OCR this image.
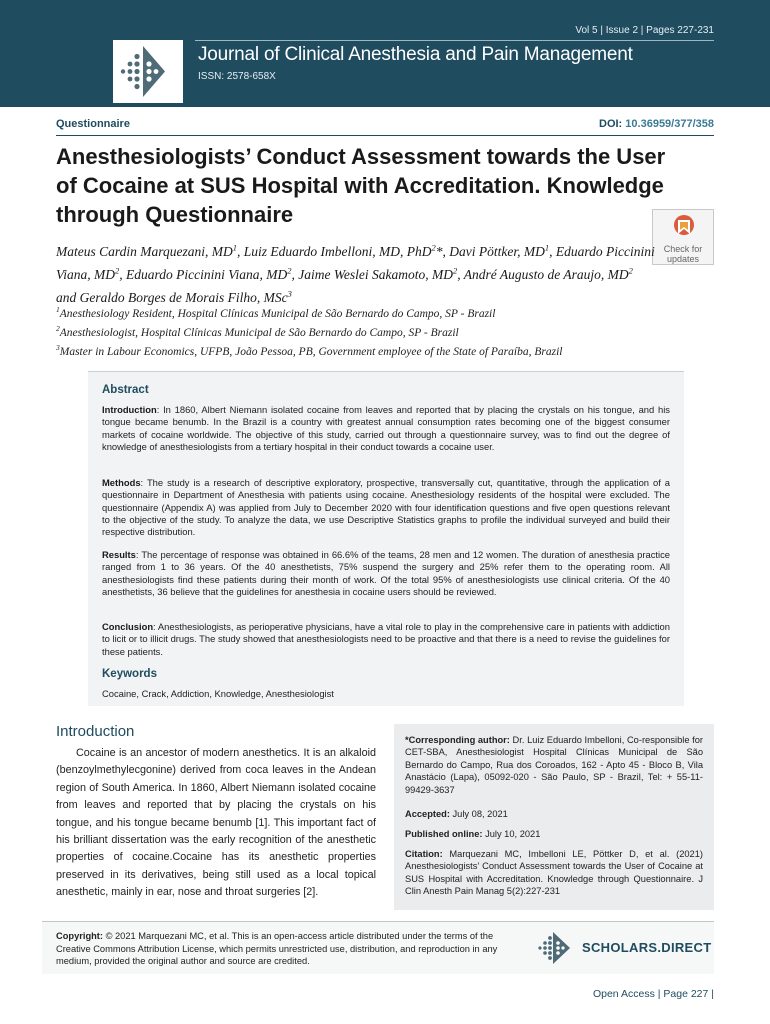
Vol 5 | Issue 2 | Pages 227-231
Journal of Clinical Anesthesia and Pain Management
ISSN: 2578-658X
Questionnaire	DOI: 10.36959/377/358
Anesthesiologists’ Conduct Assessment towards the User of Cocaine at SUS Hospital with Accreditation. Knowledge through Questionnaire
Check for updates
Mateus Cardin Marquezani, $MD^1$, Luiz Eduardo Imbelloni, MD, PhD$^2$*, Davi Pöttker, $MD^1$, Eduardo Piccinini Viana, $MD^2$, Eduardo Piccinini Viana, $MD^2$, Jaime Weslei Sakamoto, $MD^2$, André Augusto de Araujo, $MD^2$ and Geraldo Borges de Morais Filho, MSc$^3$
$^1$Anesthesiology Resident, Hospital Clínicas Municipal de São Bernardo do Campo, SP - Brazil
$^2$Anesthesiologist, Hospital Clínicas Municipal de São Bernardo do Campo, SP - Brazil
$^3$Master in Labour Economics, UFPB, João Pessoa, PB, Government employee of the State of Paraíba, Brazil
Abstract
Introduction: In 1860, Albert Niemann isolated cocaine from leaves and reported that by placing the crystals on his tongue, and his tongue became benumb. In the Brazil is a country with greatest annual consumption rates becoming one of the biggest consumer markets of cocaine worldwide. The objective of this study, carried out through a questionnaire survey, was to find out the degree of knowledge of anesthesiologists from a tertiary hospital in their conduct towards a cocaine user.
Methods: The study is a research of descriptive exploratory, prospective, transversally cut, quantitative, through the application of a questionnaire in Department of Anesthesia with patients using cocaine. Anesthesiology residents of the hospital were excluded. The questionnaire (Appendix A) was applied from July to December 2020 with four identification questions and five open questions relevant to the objective of the study. To analyze the data, we use Descriptive Statistics graphs to profile the individual surveyed and build their respective distribution.
Results: The percentage of response was obtained in 66.6% of the teams, 28 men and 12 women. The duration of anesthesia practice ranged from 1 to 36 years. Of the 40 anesthetists, 75% suspend the surgery and 25% refer them to the operating room. All anesthesiologists find these patients during their month of work. Of the total 95% of anesthesiologists use clinical criteria. Of the 40 anesthetists, 36 believe that the guidelines for anesthesia in cocaine users should be reviewed.
Conclusion: Anesthesiologists, as perioperative physicians, have a vital role to play in the comprehensive care in patients with addiction to licit or to illicit drugs. The study showed that anesthesiologists need to be proactive and that there is a need to revise the guidelines for these patients.
Keywords
Cocaine, Crack, Addiction, Knowledge, Anesthesiologist
Introduction
Cocaine is an ancestor of modern anesthetics. It is an alkaloid (benzoylmethylecgonine) derived from coca leaves in the Andean region of South America. In 1860, Albert Niemann isolated cocaine from leaves and reported that by placing the crystals on his tongue, and his tongue became benumb [1]. This important fact of his brilliant dissertation was the early recognition of the anesthetic properties of cocaine.Cocaine has its anesthetic properties preserved in its derivatives, being still used as a local topical anesthetic, mainly in ear, nose and throat surgeries [2].
*Corresponding author: Dr. Luiz Eduardo Imbelloni, Co-responsible for CET-SBA, Anesthesiologist Hospital Clínicas Municipal de São Bernardo do Campo, Rua dos Coroados, 162 - Apto 45 - Bloco B, Vila Anastácio (Lapa), 05092-020 - São Paulo, SP - Brazil, Tel: + 55-11-99429-3637
Accepted: July 08, 2021
Published online: July 10, 2021
Citation: Marquezani MC, Imbelloni LE, Pöttker D, et al. (2021) Anesthesiologists’ Conduct Assessment towards the User of Cocaine at SUS Hospital with Accreditation. Knowledge through Questionnaire. J Clin Anesth Pain Manag 5(2):227-231
Copyright: © 2021 Marquezani MC, et al. This is an open-access article distributed under the terms of the Creative Commons Attribution License, which permits unrestricted use, distribution, and reproduction in any medium, provided the original author and source are credited.
SCHOLARS.DIRECT
Open Access | Page 227 |
